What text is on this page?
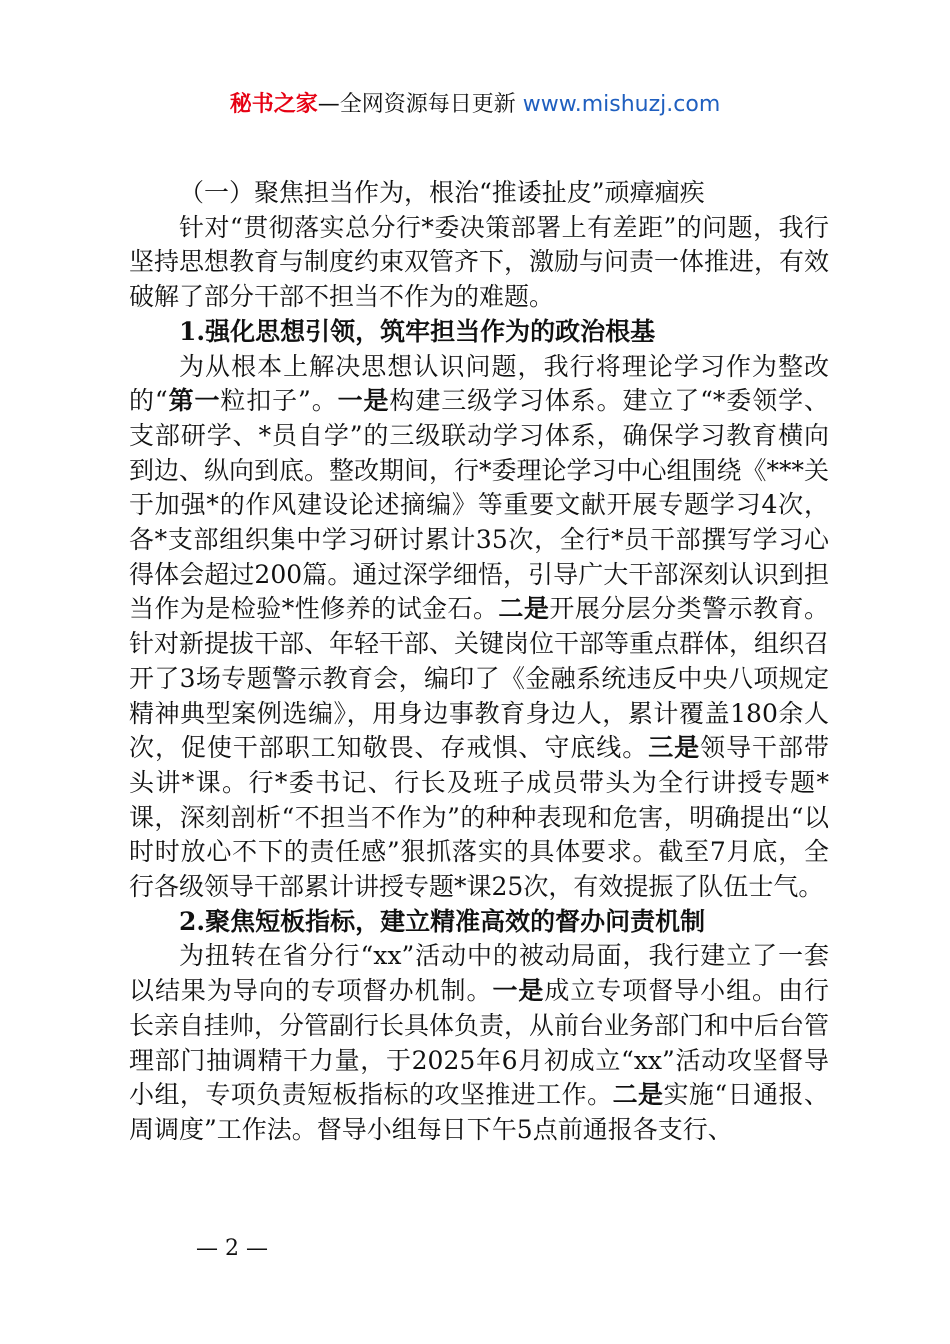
秘书之家—全网资源每日更新 www.mishuzj.com

（一）聚焦担当作为，根治“推诿扯皮”顽瘴痼疾

针对“贯彻落实总分行*委决策部署上有差距”的问题，我行坚持思想教育与制度约束双管齐下，激励与问责一体推进，有效破解了部分干部不担当不作为的难题。

1.强化思想引领，筑牢担当作为的政治根基

为从根本上解决思想认识问题，我行将理论学习作为整改的“第一粒扣子”。一是构建三级学习体系。建立了“*委领学、支部研学、*员自学”的三级联动学习体系，确保学习教育横向到边、纵向到底。整改期间，行*委理论学习中心组围绕《***关于加强*的作风建设论述摘编》等重要文献开展专题学习4次，各*支部组织集中学习研讨累计35次，全行*员干部撰写学习心得体会超过200篇。通过深学细悟，引导广大干部深刻认识到担当作为是检验*性修养的试金石。二是开展分层分类警示教育。针对新提拔干部、年轻干部、关键岗位干部等重点群体，组织召开了3场专题警示教育会，编印了《金融系统违反中央八项规定精神典型案例选编》，用身边事教育身边人，累计覆盖180余人次，促使干部职工知敬畏、存戒惧、守底线。三是领导干部带头讲*课。行*委书记、行长及班子成员带头为全行讲授专题*课，深刻剖析“不担当不作为”的种种表现和危害，明确提出“以时时放心不下的责任感”狠抓落实的具体要求。截至7月底，全行各级领导干部累计讲授专题*课25次，有效提振了队伍士气。

2.聚焦短板指标，建立精准高效的督办问责机制

为扭转在省分行“xx”活动中的被动局面，我行建立了一套以结果为导向的专项督办机制。一是成立专项督导小组。由行长亲自挂帅，分管副行长具体负责，从前台业务部门和中后台管理部门抽调精干力量，于2025年6月初成立“xx”活动攻坚督导小组，专项负责短板指标的攻坚推进工作。二是实施“日通报、周调度”工作法。督导小组每日下午5点前通报各支行、

— 2 —
